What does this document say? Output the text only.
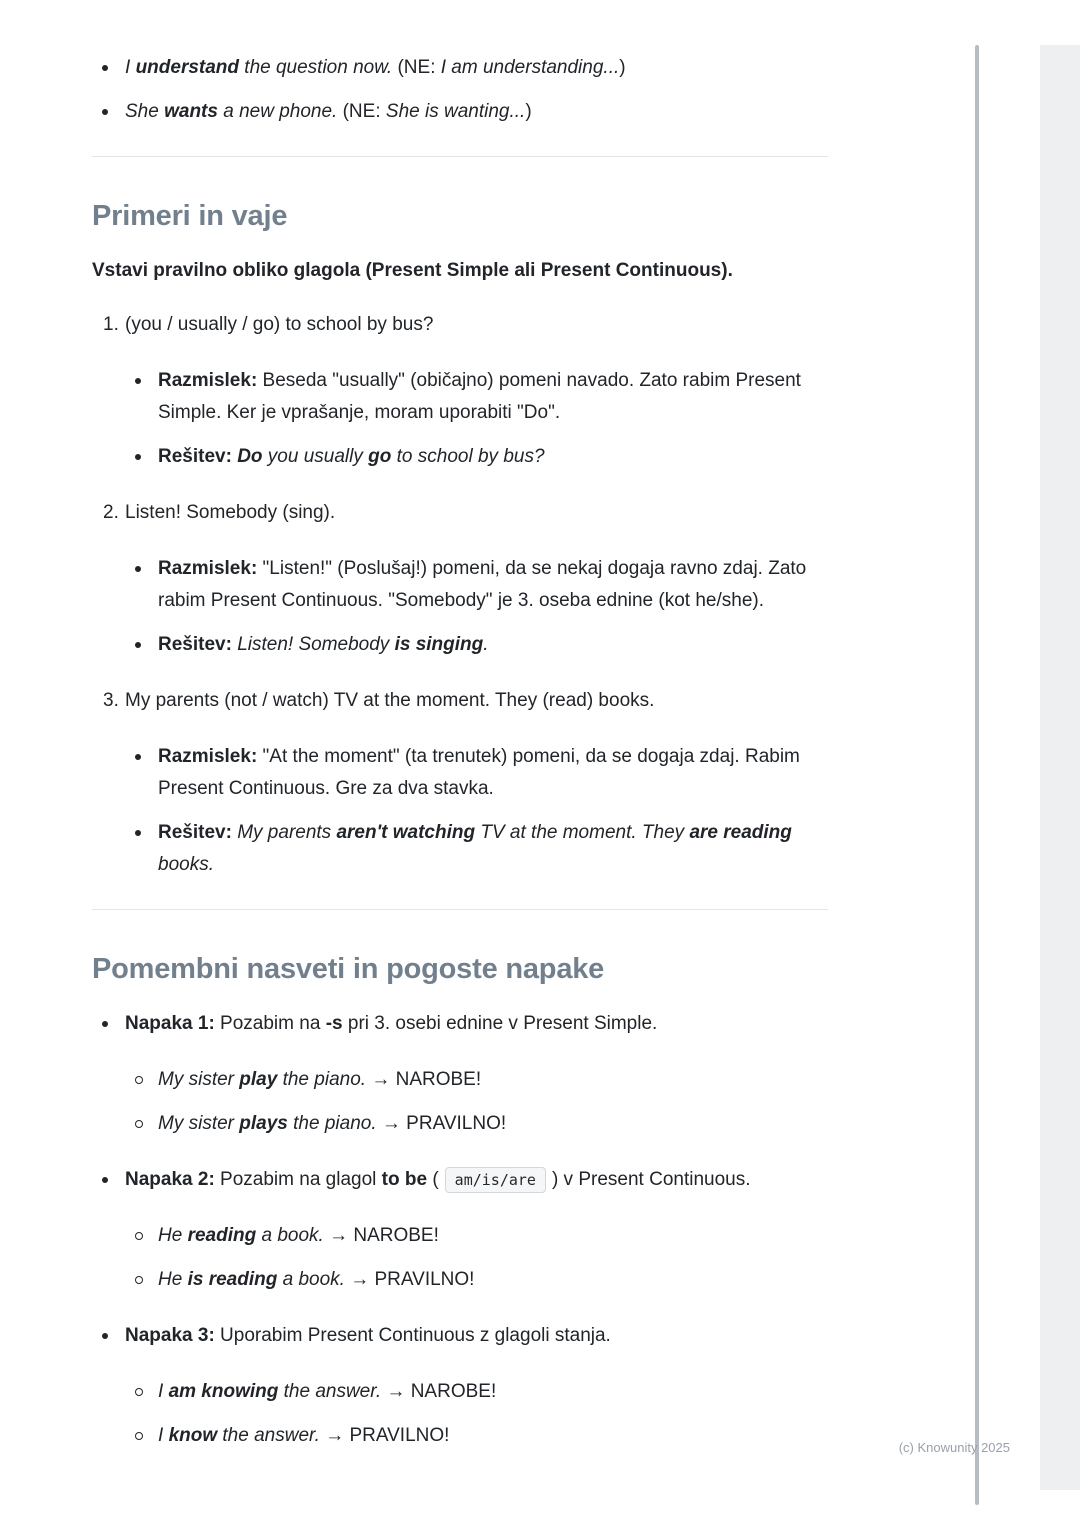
I understand the question now. (NE: I am understanding...)
She wants a new phone. (NE: She is wanting...)
Primeri in vaje

Vstavi pravilno obliko glagola (Present Simple ali Present Continuous).

1. (you / usually / go) to school by bus?
Razmislek: Beseda "usually" (običajno) pomeni navado. Zato rabim Present Simple. Ker je vprašanje, moram uporabiti "Do".
Rešitev: Do you usually go to school by bus?
2. Listen! Somebody (sing).
Razmislek: "Listen!" (Poslušaj!) pomeni, da se nekaj dogaja ravno zdaj. Zato rabim Present Continuous. "Somebody" je 3. oseba ednine (kot he/she).
Rešitev: Listen! Somebody is singing.
3. My parents (not / watch) TV at the moment. They (read) books.
Razmislek: "At the moment" (ta trenutek) pomeni, da se dogaja zdaj. Rabim Present Continuous. Gre za dva stavka.
Rešitev: My parents aren't watching TV at the moment. They are reading books.
Pomembni nasveti in pogoste napake
Napaka 1: Pozabim na -s pri 3. osebi ednine v Present Simple.
My sister play the piano. → NAROBE!
My sister plays the piano. → PRAVILNO!
Napaka 2: Pozabim na glagol to be ( am/is/are ) v Present Continuous.
He reading a book. → NAROBE!
He is reading a book. → PRAVILNO!
Napaka 3: Uporabim Present Continuous z glagoli stanja.
I am knowing the answer. → NAROBE!
I know the answer. → PRAVILNO!
(c) Knowunity 2025
